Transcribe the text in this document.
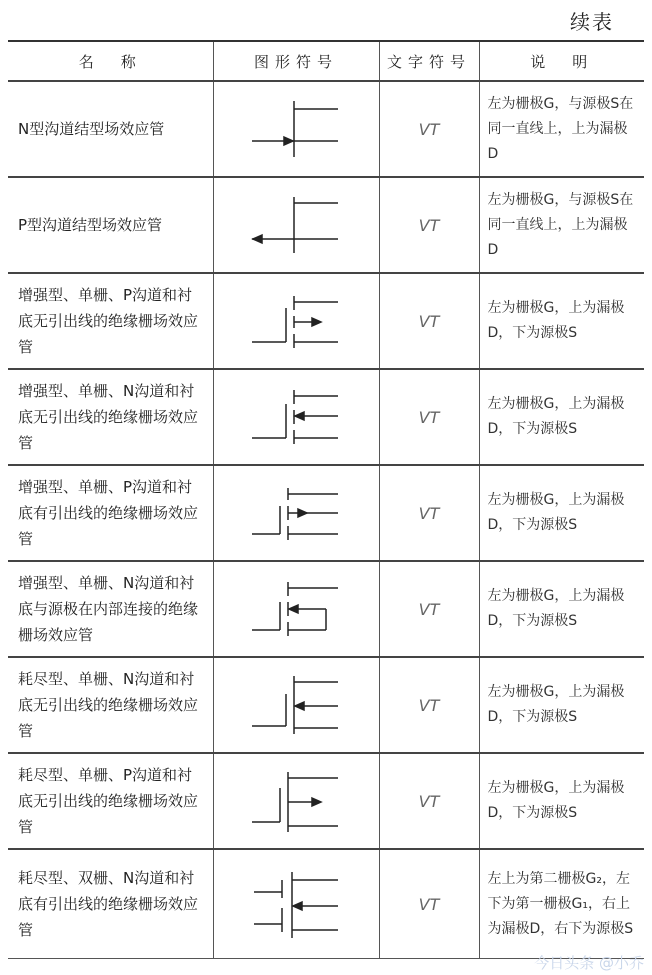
续表
名　称	图形符号	文字符号	说　明
N型沟道结型场效应管		VT	左为栅极G，与源极S在同一直线上，上为漏极D
P型沟道结型场效应管		VT	左为栅极G，与源极S在同一直线上，上为漏极D
增强型、单栅、P沟道和衬底无引出线的绝缘栅场效应管		VT	左为栅极G，上为漏极D，下为源极S
增强型、单栅、N沟道和衬底无引出线的绝缘栅场效应管		VT	左为栅极G，上为漏极D，下为源极S
增强型、单栅、P沟道和衬底有引出线的绝缘栅场效应管		VT	左为栅极G，上为漏极D，下为源极S
增强型、单栅、N沟道和衬底与源极在内部连接的绝缘栅场效应管		VT	左为栅极G，上为漏极D，下为源极S
耗尽型、单栅、N沟道和衬底无引出线的绝缘栅场效应管		VT	左为栅极G，上为漏极D，下为源极S
耗尽型、单栅、P沟道和衬底无引出线的绝缘栅场效应管		VT	左为栅极G，上为漏极D，下为源极S
耗尽型、双栅、N沟道和衬底有引出线的绝缘栅场效应管		VT	左上为第二栅极G₂，左下为第一栅极G₁，右上为漏极D，右下为源极S
今日头条 @小乔
